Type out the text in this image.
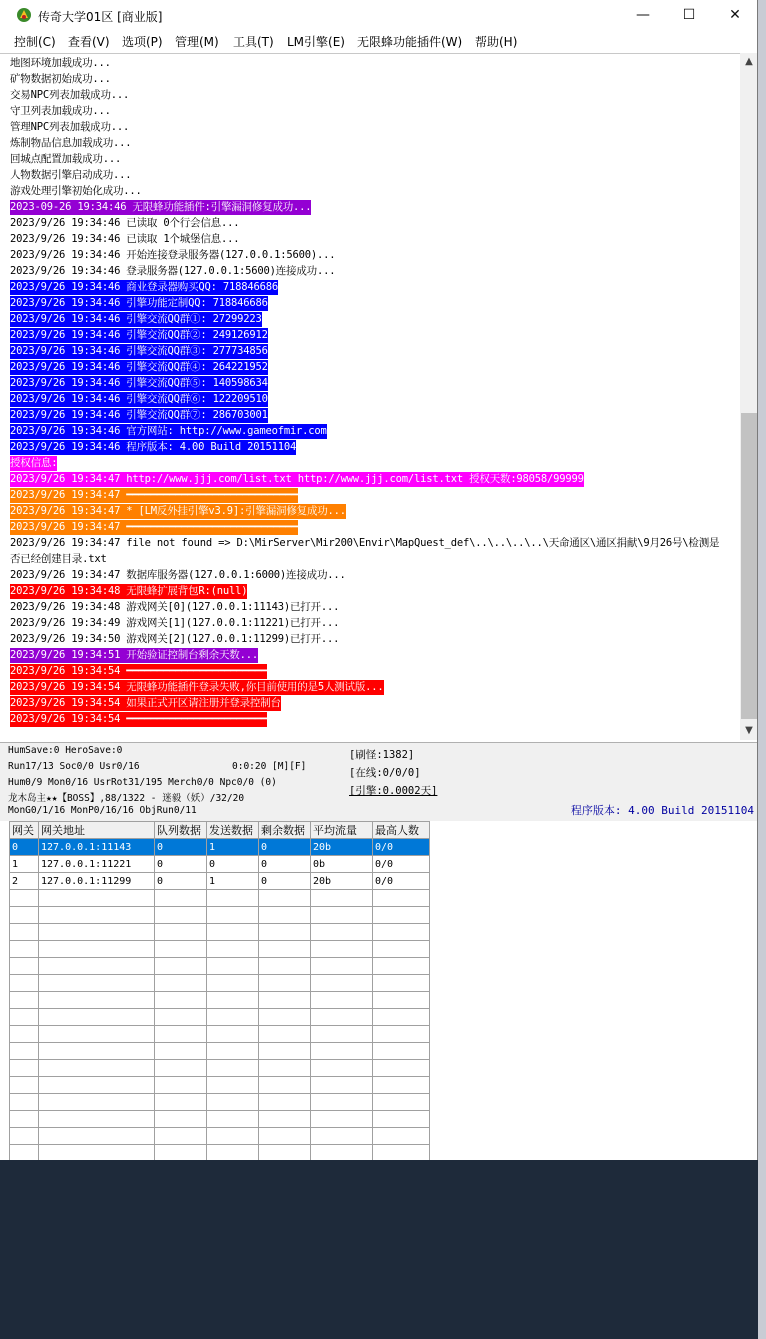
传奇大学01区 [商业版]	—	☐	✕
控制(C) 查看(V) 选项(P) 管理(M) 工具(T) LM引擎(E) 无限蜂功能插件(W) 帮助(H)
地图环境加载成功...
矿物数据初始成功...
交易NPC列表加载成功...
守卫列表加载成功...
管理NPC列表加载成功...
炼制物品信息加载成功...
回城点配置加载成功...
人物数据引擎启动成功...
游戏处理引擎初始化成功...
2023-09-26 19:34:46 无限蜂功能插件:引擎漏洞修复成功...
2023/9/26 19:34:46 已读取 0个行会信息...
2023/9/26 19:34:46 已读取 1个城堡信息...
2023/9/26 19:34:46 开始连接登录服务器(127.0.0.1:5600)...
2023/9/26 19:34:46 登录服务器(127.0.0.1:5600)连接成功...
2023/9/26 19:34:46 商业登录器购买QQ: 718846686
2023/9/26 19:34:46 引擎功能定制QQ: 718846686
2023/9/26 19:34:46 引擎交流QQ群①: 27299223
2023/9/26 19:34:46 引擎交流QQ群②: 249126912
2023/9/26 19:34:46 引擎交流QQ群③: 277734856
2023/9/26 19:34:46 引擎交流QQ群④: 264221952
2023/9/26 19:34:46 引擎交流QQ群⑤: 140598634
2023/9/26 19:34:46 引擎交流QQ群⑥: 122209510
2023/9/26 19:34:46 引擎交流QQ群⑦: 286703001
2023/9/26 19:34:46 官方网站: http://www.gameofmir.com
2023/9/26 19:34:46 程序版本: 4.00 Build 20151104
授权信息:
2023/9/26 19:34:47 http://www.jjj.com/list.txt http://www.jjj.com/list.txt 授权天数:98058/99999
2023/9/26 19:34:47 ━━━━━━━━━━━━━━━━━━━━━━━━━━━━
2023/9/26 19:34:47 * [LM反外挂引擎v3.9]:引擎漏洞修复成功...
2023/9/26 19:34:47 ━━━━━━━━━━━━━━━━━━━━━━━━━━━━
2023/9/26 19:34:47 file not found => D:\MirServer\Mir200\Envir\MapQuest_def\..\..\..\..\天命通区\通区捐献\9月26号\检测是
否已经创建目录.txt
2023/9/26 19:34:47 数据库服务器(127.0.0.1:6000)连接成功...
2023/9/26 19:34:48 无限蜂扩展背包R:(null)
2023/9/26 19:34:48 游戏网关[0](127.0.0.1:11143)已打开...
2023/9/26 19:34:49 游戏网关[1](127.0.0.1:11221)已打开...
2023/9/26 19:34:50 游戏网关[2](127.0.0.1:11299)已打开...
2023/9/26 19:34:51 开始验证控制台剩余天数...
2023/9/26 19:34:54 ━━━━━━━━━━━━━━━━━━━━━━━
2023/9/26 19:34:54 无限蜂功能插件登录失败,你目前使用的是5人测试版...
2023/9/26 19:34:54 如果正式开区请注册并登录控制台
2023/9/26 19:34:54 ━━━━━━━━━━━━━━━━━━━━━━━
▲
▼
HumSave:0 HeroSave:0
Run17/13 Soc0/0 Usr0/16	0:0:20 [M][F]
Hum0/9 Mon0/16 UsrRot31/195 Merch0/0 Npc0/0 (0)
龙木岛主★★【BOSS】,88/1322 - 迷毅（妖）/32/20
MonG0/1/16 MonP0/16/16 ObjRun0/11
[刷怪:1382]
[在线:0/0/0]
[引擎:0.0002天]
程序版本: 4.00 Build 20151104
网关	网关地址	队列数据	发送数据	剩余数据	平均流量	最高人数
0	127.0.0.1:11143	0	1	0	20b	0/0
1	127.0.0.1:11221	0	0	0	0b	0/0
2	127.0.0.1:11299	0	1	0	20b	0/0
